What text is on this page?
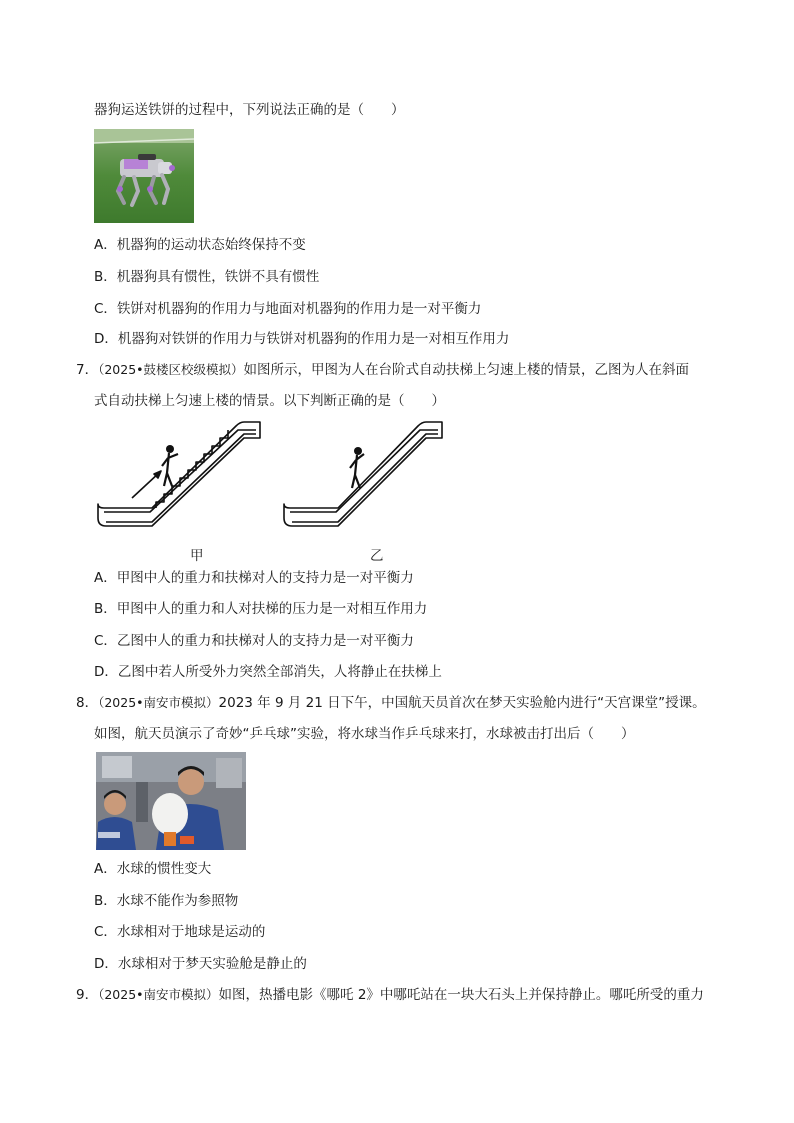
器狗运送铁饼的过程中，下列说法正确的是（　　）
A．机器狗的运动状态始终保持不变
B．机器狗具有惯性，铁饼不具有惯性
C．铁饼对机器狗的作用力与地面对机器狗的作用力是一对平衡力
D．机器狗对铁饼的作用力与铁饼对机器狗的作用力是一对相互作用力
7．（2025•鼓楼区校级模拟）如图所示，甲图为人在台阶式自动扶梯上匀速上楼的情景，乙图为人在斜面
式自动扶梯上匀速上楼的情景。以下判断正确的是（　　）
甲	乙
A．甲图中人的重力和扶梯对人的支持力是一对平衡力
B．甲图中人的重力和人对扶梯的压力是一对相互作用力
C．乙图中人的重力和扶梯对人的支持力是一对平衡力
D．乙图中若人所受外力突然全部消失，人将静止在扶梯上
8．（2025•南安市模拟）2023 年 9 月 21 日下午，中国航天员首次在梦天实验舱内进行“天宫课堂”授课。
如图，航天员演示了奇妙“乒乓球”实验，将水球当作乒乓球来打，水球被击打出后（　　）
A．水球的惯性变大
B．水球不能作为参照物
C．水球相对于地球是运动的
D．水球相对于梦天实验舱是静止的
9．（2025•南安市模拟）如图，热播电影《哪吒 2》中哪吒站在一块大石头上并保持静止。哪吒所受的重力
